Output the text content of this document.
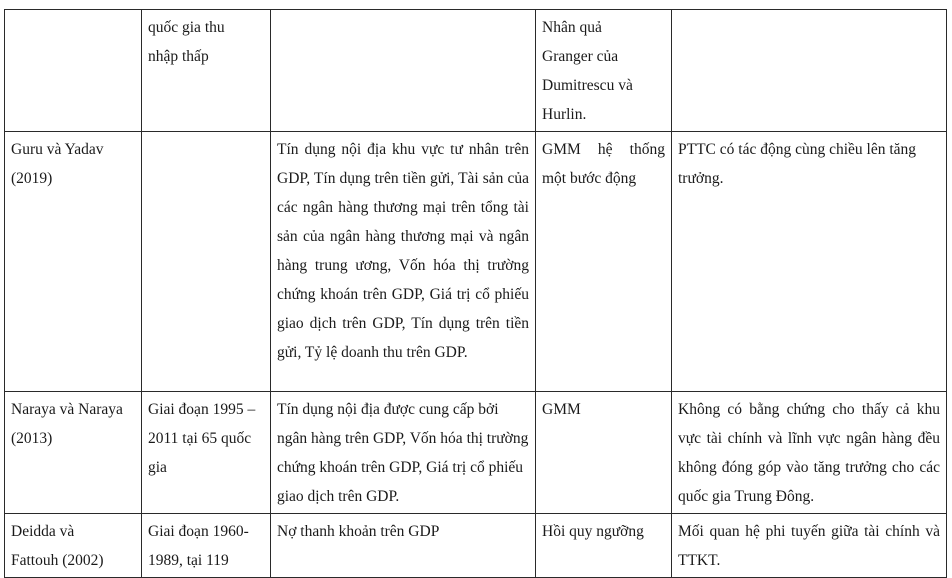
	quốc gia thu nhập thấp		Nhân quả Granger của Dumitrescu và Hurlin.	

Guru và Yadav (2019)		Tín dụng nội địa khu vực tư nhân trên GDP, Tín dụng trên tiền gửi, Tài sản của các ngân hàng thương mại trên tổng tài sản của ngân hàng thương mại và ngân hàng trung ương, Vốn hóa thị trường chứng khoán trên GDP, Giá trị cổ phiếu giao dịch trên GDP, Tín dụng trên tiền gửi, Tỷ lệ doanh thu trên GDP.	GMM hệ thống một bước động	PTTC có tác động cùng chiều lên tăng trưởng.

Naraya và Naraya (2013)	Giai đoạn 1995 – 2011 tại 65 quốc gia	Tín dụng nội địa được cung cấp bởi ngân hàng trên GDP, Vốn hóa thị trường chứng khoán trên GDP, Giá trị cổ phiếu giao dịch trên GDP.	GMM	Không có bằng chứng cho thấy cả khu vực tài chính và lĩnh vực ngân hàng đều không đóng góp vào tăng trưởng cho các quốc gia Trung Đông.

Deidda và Fattouh (2002)	Giai đoạn 1960-1989, tại 119	Nợ thanh khoản trên GDP	Hồi quy ngưỡng	Mối quan hệ phi tuyến giữa tài chính và TTKT.
